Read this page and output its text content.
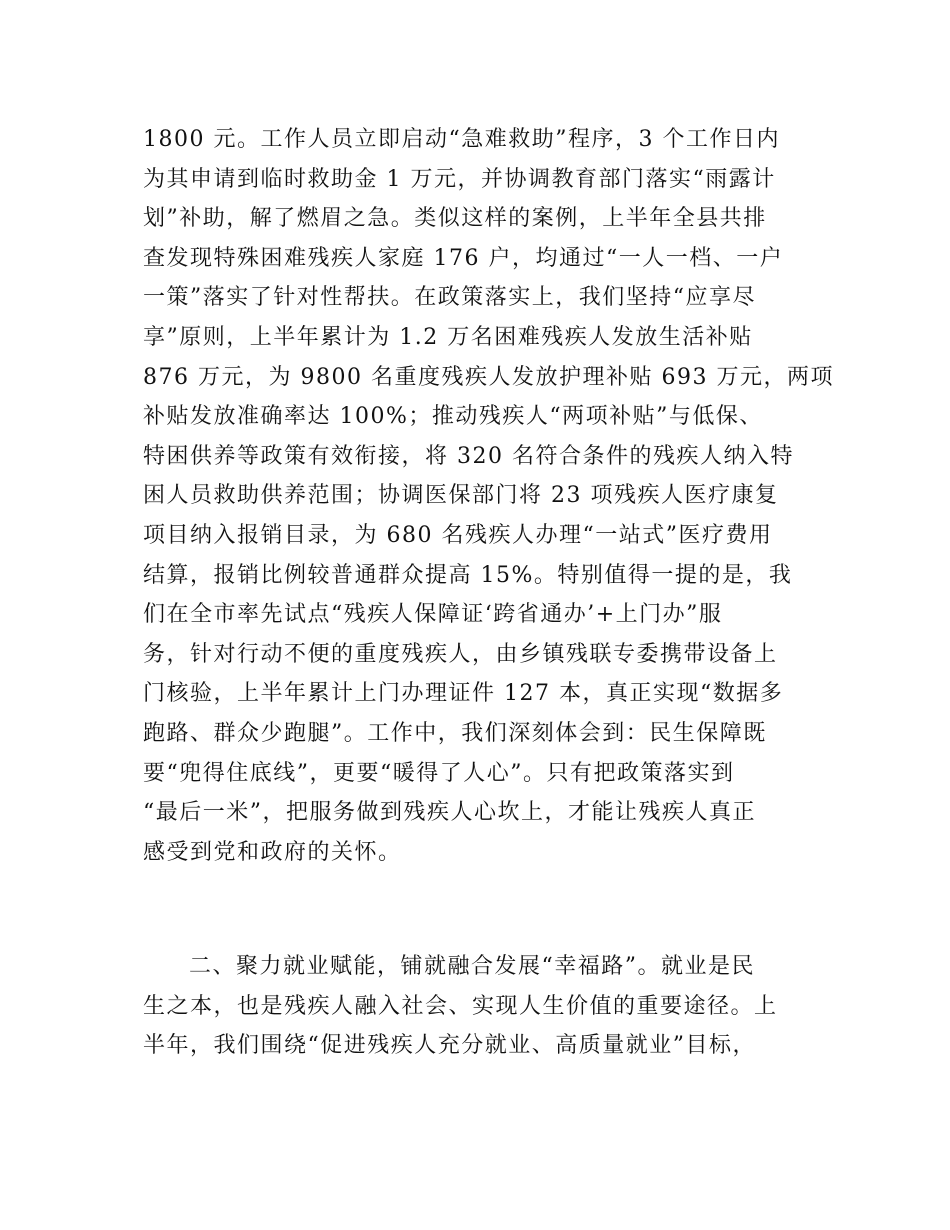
1800 元。工作人员立即启动“急难救助”程序，3 个工作日内
为其申请到临时救助金 1 万元，并协调教育部门落实“雨露计
划”补助，解了燃眉之急。类似这样的案例，上半年全县共排
查发现特殊困难残疾人家庭 176 户，均通过“一人一档、一户
一策”落实了针对性帮扶。在政策落实上，我们坚持“应享尽
享”原则，上半年累计为 1.2 万名困难残疾人发放生活补贴
876 万元，为 9800 名重度残疾人发放护理补贴 693 万元，两项
补贴发放准确率达 100%；推动残疾人“两项补贴”与低保、
特困供养等政策有效衔接，将 320 名符合条件的残疾人纳入特
困人员救助供养范围；协调医保部门将 23 项残疾人医疗康复
项目纳入报销目录，为 680 名残疾人办理“一站式”医疗费用
结算，报销比例较普通群众提高 15%。特别值得一提的是，我
们在全市率先试点“残疾人保障证‘跨省通办’+上门办”服
务，针对行动不便的重度残疾人，由乡镇残联专委携带设备上
门核验，上半年累计上门办理证件 127 本，真正实现“数据多
跑路、群众少跑腿”。工作中，我们深刻体会到：民生保障既
要“兜得住底线”，更要“暖得了人心”。只有把政策落实到
“最后一米”，把服务做到残疾人心坎上，才能让残疾人真正
感受到党和政府的关怀。
二、聚力就业赋能，铺就融合发展“幸福路”。就业是民
生之本，也是残疾人融入社会、实现人生价值的重要途径。上
半年，我们围绕“促进残疾人充分就业、高质量就业”目标，
